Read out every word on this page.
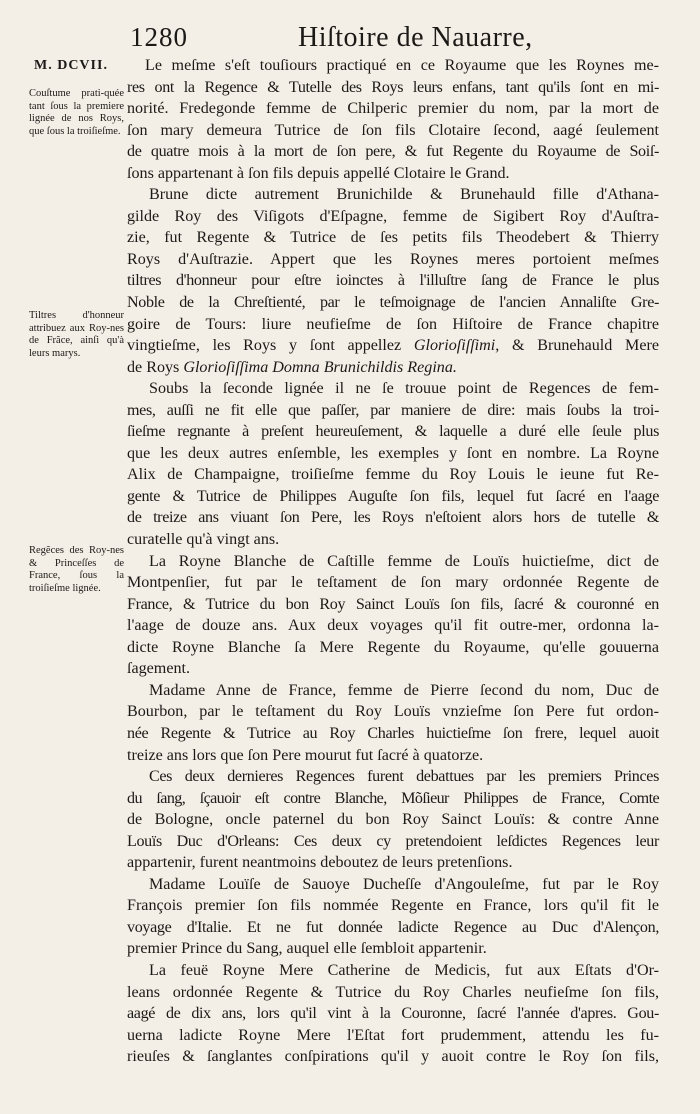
1280	Hiſtoire de Nauarre,
M. DCVII.
Couſtume prati-quée tant ſous la premiere lignée de nos Roys, que ſous la troiſieſme.
Tiltres d'honneur attribuez aux Roy-nes de Frãce, ainſi qu'à leurs marys.
Regẽces des Roy-nes & Princeſſes de France, ſous la troiſieſme lignée.

Le meſme s'eſt touſiours practiqué en ce Royaume que les Roynes me-
res ont la Regence & Tutelle des Roys leurs enfans, tant qu'ils ſont en mi-
norité. Fredegonde femme de Chilperic premier du nom, par la mort de
ſon mary demeura Tutrice de ſon fils Clotaire ſecond, aagé ſeulement
de quatre mois à la mort de ſon pere, & fut Regente du Royaume de Soiſ-
ſons appartenant à ſon fils depuis appellé Clotaire le Grand.

Brune dicte autrement Brunichilde & Brunehauld fille d'Athana-
gilde Roy des Viſigots d'Eſpagne, femme de Sigibert Roy d'Auſtra-
zie, fut Regente & Tutrice de ſes petits fils Theodebert & Thierry
Roys d'Auſtrazie. Appert que les Roynes meres portoient meſmes
tiltres d'honneur pour eſtre ioinctes à l'illuſtre ſang de France le plus
Noble de la Chreſtienté, par le teſmoignage de l'ancien Annaliſte Gre-
goire de Tours: liure neufieſme de ſon Hiſtoire de France chapitre
vingtieſme, les Roys y ſont appellez Glorioſiſſimi, & Brunehauld Mere
de Roys Glorioſiſſima Domna Brunichildis Regina.

Soubs la ſeconde lignée il ne ſe trouue point de Regences de fem-
mes, auſſi ne fit elle que paſſer, par maniere de dire: mais ſoubs la troi-
ſieſme regnante à preſent heureuſement, & laquelle a duré elle ſeule plus
que les deux autres enſemble, les exemples y ſont en nombre. La Royne
Alix de Champaigne, troiſieſme femme du Roy Louis le ieune fut Re-
gente & Tutrice de Philippes Auguſte ſon fils, lequel fut ſacré en l'aage
de treize ans viuant ſon Pere, les Roys n'eſtoient alors hors de tutelle &
curatelle qu'à vingt ans.

La Royne Blanche de Caſtille femme de Louïs huictieſme, dict de
Montpenſier, fut par le teſtament de ſon mary ordonnée Regente de
France, & Tutrice du bon Roy Sainct Louïs ſon fils, ſacré & couronné en
l'aage de douze ans. Aux deux voyages qu'il fit outre-mer, ordonna la-
dicte Royne Blanche ſa Mere Regente du Royaume, qu'elle gouuerna
ſagement.

Madame Anne de France, femme de Pierre ſecond du nom, Duc de
Bourbon, par le teſtament du Roy Louïs vnzieſme ſon Pere fut ordon-
née Regente & Tutrice au Roy Charles huictieſme ſon frere, lequel auoit
treize ans lors que ſon Pere mourut fut ſacré à quatorze.

Ces deux dernieres Regences furent debattues par les premiers Princes
du ſang, ſçauoir eſt contre Blanche, Mõſieur Philippes de France, Comte
de Bologne, oncle paternel du bon Roy Sainct Louïs: & contre Anne
Louïs Duc d'Orleans: Ces deux cy pretendoient leſdictes Regences leur
appartenir, furent neantmoins deboutez de leurs pretenſions.

Madame Louïſe de Sauoye Ducheſſe d'Angouleſme, fut par le Roy
François premier ſon fils nommée Regente en France, lors qu'il fit le
voyage d'Italie. Et ne fut donnée ladicte Regence au Duc d'Alençon,
premier Prince du Sang, auquel elle ſembloit appartenir.

La feuë Royne Mere Catherine de Medicis, fut aux Eſtats d'Or-
leans ordonnée Regente & Tutrice du Roy Charles neufieſme ſon fils,
aagé de dix ans, lors qu'il vint à la Couronne, ſacré l'année d'apres. Gou-
uerna ladicte Royne Mere l'Eſtat fort prudemment, attendu les fu-
rieuſes & ſanglantes conſpirations qu'il y auoit contre le Roy ſon fils,
